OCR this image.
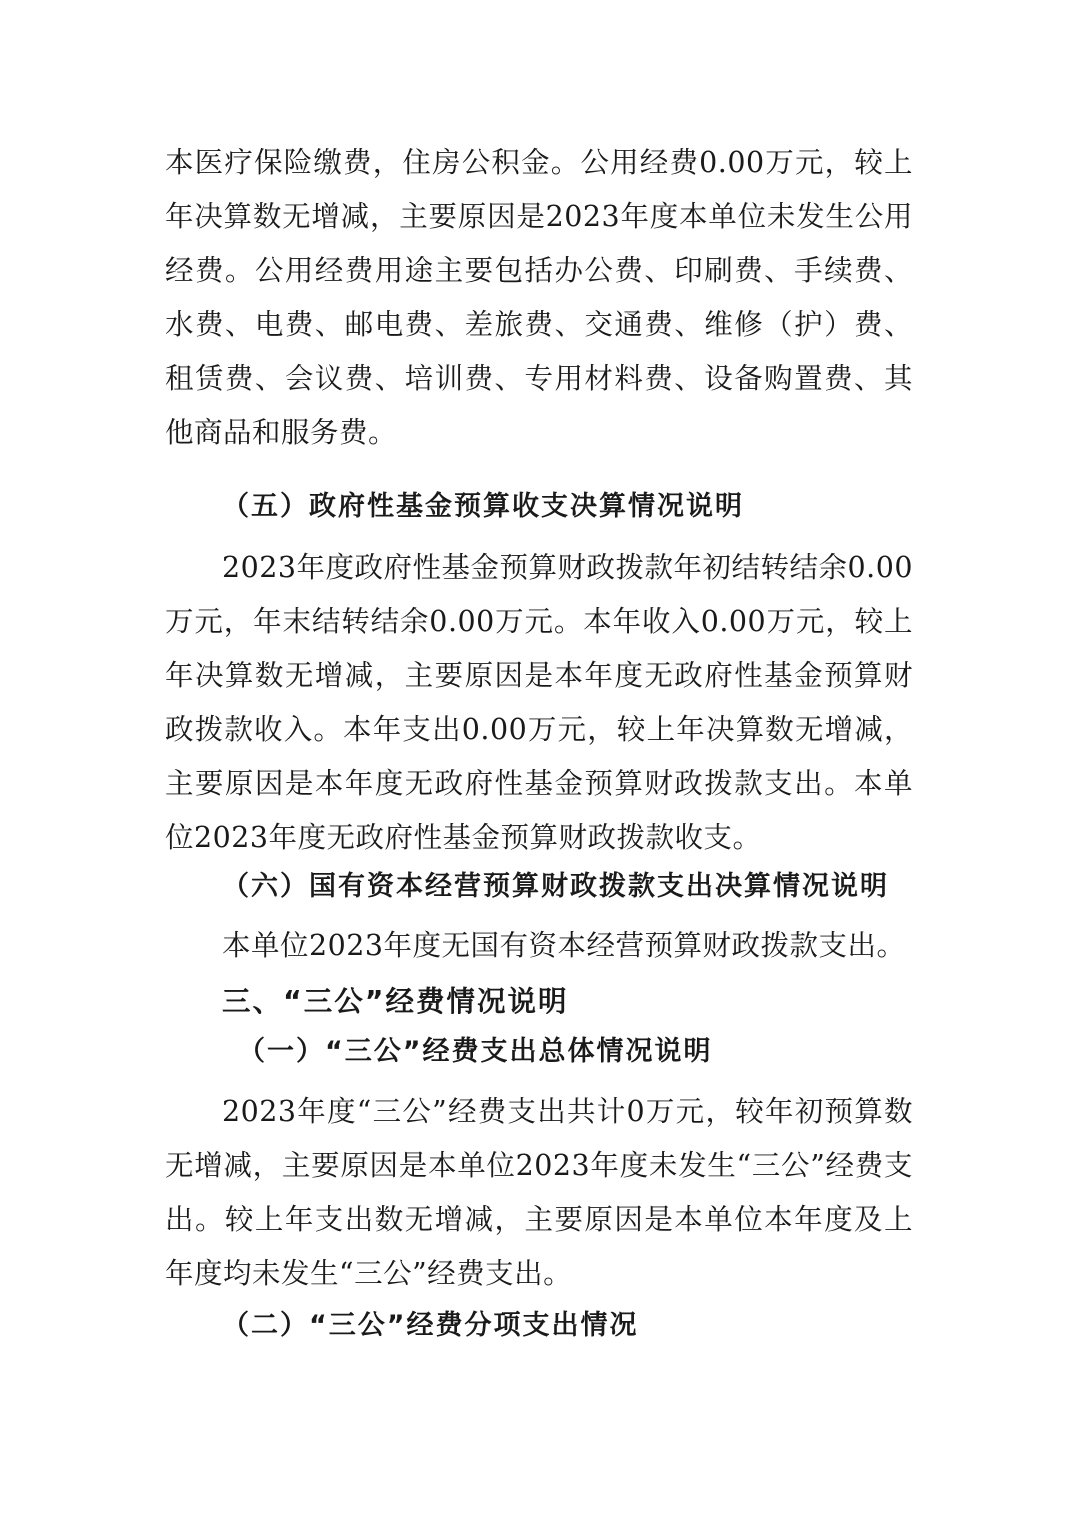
本医疗保险缴费，住房公积金。公用经费0.00万元，较上年决算数无增减，主要原因是2023年度本单位未发生公用经费。公用经费用途主要包括办公费、印刷费、手续费、水费、电费、邮电费、差旅费、交通费、维修（护）费、租赁费、会议费、培训费、专用材料费、设备购置费、其他商品和服务费。

（五）政府性基金预算收支决算情况说明

2023年度政府性基金预算财政拨款年初结转结余0.00万元，年末结转结余0.00万元。本年收入0.00万元，较上年决算数无增减，主要原因是本年度无政府性基金预算财政拨款收入。本年支出0.00万元，较上年决算数无增减，主要原因是本年度无政府性基金预算财政拨款支出。本单位2023年度无政府性基金预算财政拨款收支。

（六）国有资本经营预算财政拨款支出决算情况说明

本单位2023年度无国有资本经营预算财政拨款支出。

三、“三公”经费情况说明

（一）“三公”经费支出总体情况说明

2023年度“三公”经费支出共计0万元，较年初预算数无增减，主要原因是本单位2023年度未发生“三公”经费支出。较上年支出数无增减，主要原因是本单位本年度及上年度均未发生“三公”经费支出。

（二）“三公”经费分项支出情况
